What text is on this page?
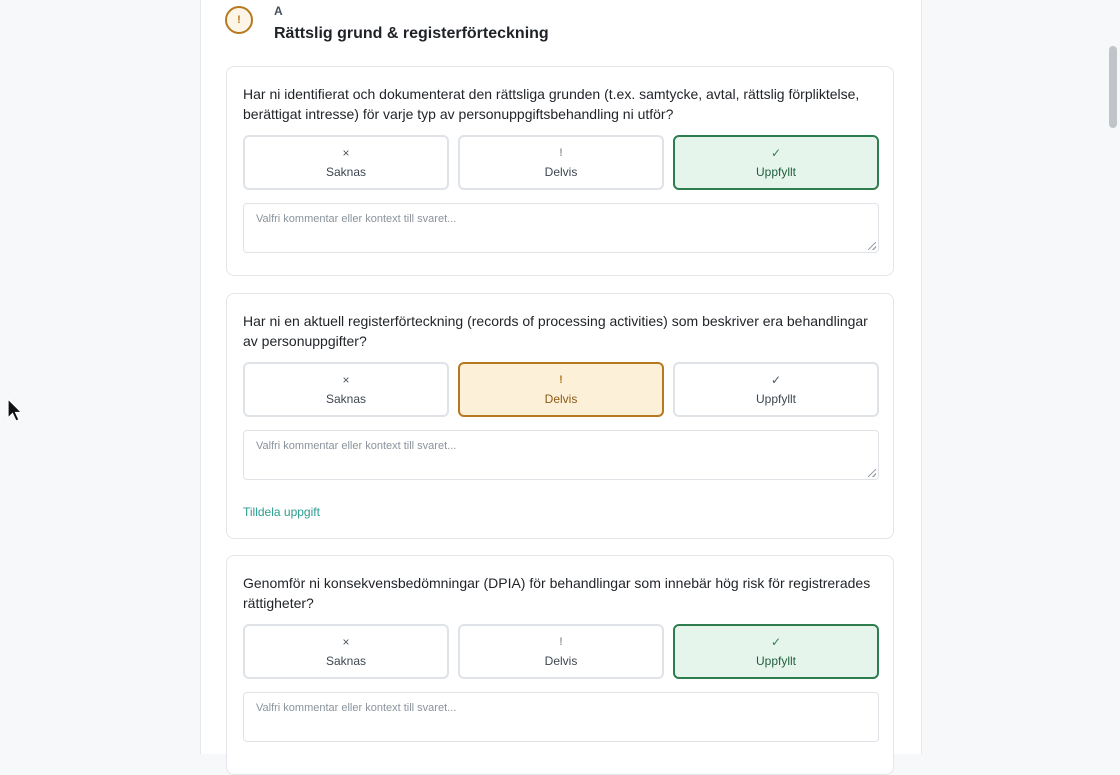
!
A
Rättslig grund & registerförteckning
Har ni identifierat och dokumenterat den rättsliga grunden (t.ex. samtycke, avtal, rättslig förpliktelse, berättigat intresse) för varje typ av personuppgiftsbehandling ni utför?
×
Saknas
!
Delvis
✓
Uppfyllt
Valfri kommentar eller kontext till svaret...
Har ni en aktuell registerförteckning (records of processing activities) som beskriver era behandlingar av personuppgifter?
×
Saknas
!
Delvis
✓
Uppfyllt
Valfri kommentar eller kontext till svaret...
Tilldela uppgift
Genomför ni konsekvensbedömningar (DPIA) för behandlingar som innebär hög risk för registrerades rättigheter?
×
Saknas
!
Delvis
✓
Uppfyllt
Valfri kommentar eller kontext till svaret...
